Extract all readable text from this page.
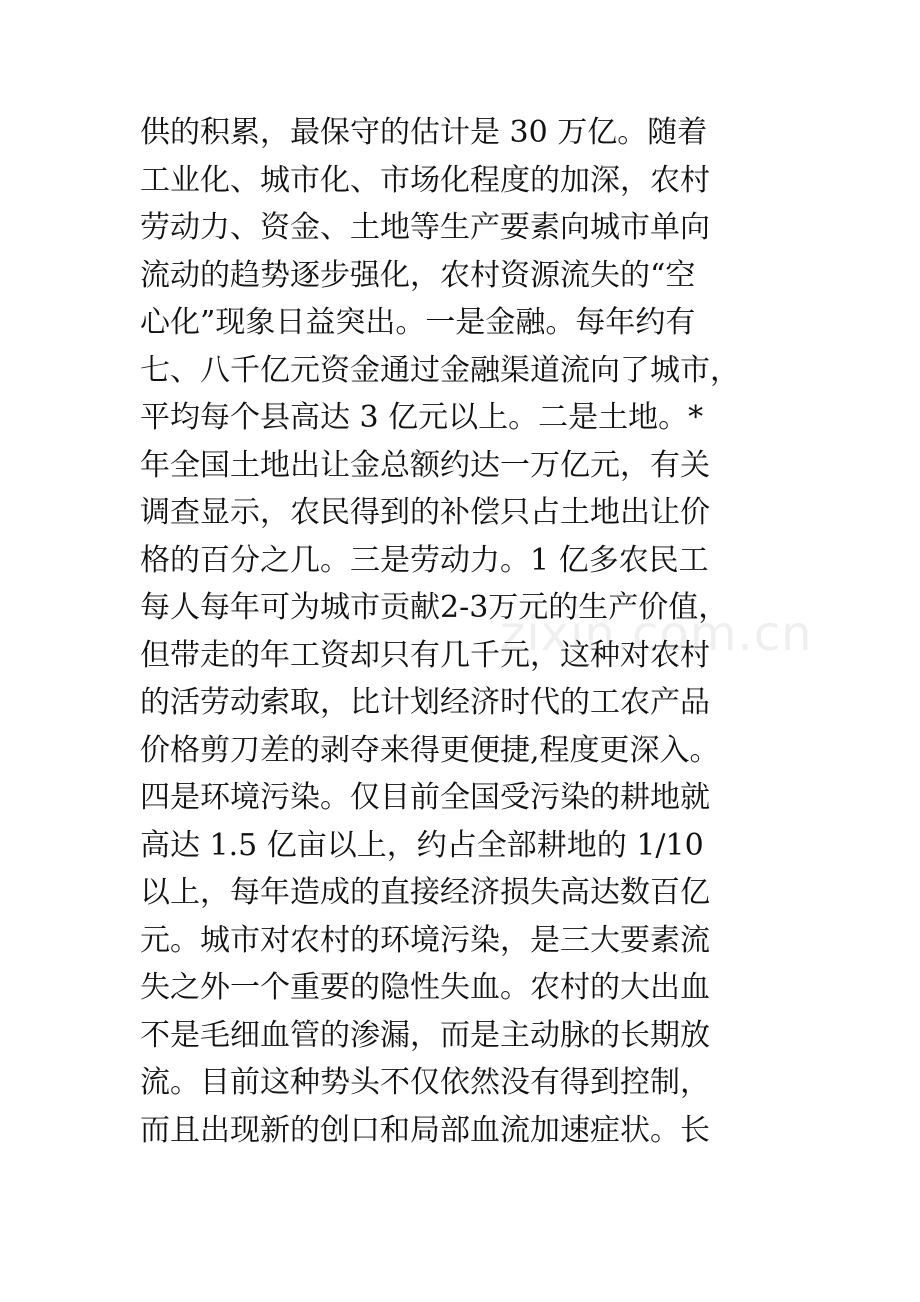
供的积累，最保守的估计是 30 万亿。随着
工业化、城市化、市场化程度的加深，农村
劳动力、资金、土地等生产要素向城市单向
流动的趋势逐步强化，农村资源流失的“空
心化”现象日益突出。一是金融。每年约有
七、八千亿元资金通过金融渠道流向了城市，
平均每个县高达 3 亿元以上。二是土地。*
年全国土地出让金总额约达一万亿元，有关
调查显示，农民得到的补偿只占土地出让价
格的百分之几。三是劳动力。1 亿多农民工
每人每年可为城市贡献2-3万元的生产价值，
但带走的年工资却只有几千元，这种对农村
的活劳动索取，比计划经济时代的工农产品
价格剪刀差的剥夺来得更便捷,程度更深入。
四是环境污染。仅目前全国受污染的耕地就
高达 1.5 亿亩以上，约占全部耕地的 1/10
以上，每年造成的直接经济损失高达数百亿
元。城市对农村的环境污染，是三大要素流
失之外一个重要的隐性失血。农村的大出血
不是毛细血管的渗漏，而是主动脉的长期放
流。目前这种势头不仅依然没有得到控制，
而且出现新的创口和局部血流加速症状。长
zixin.com.cn
